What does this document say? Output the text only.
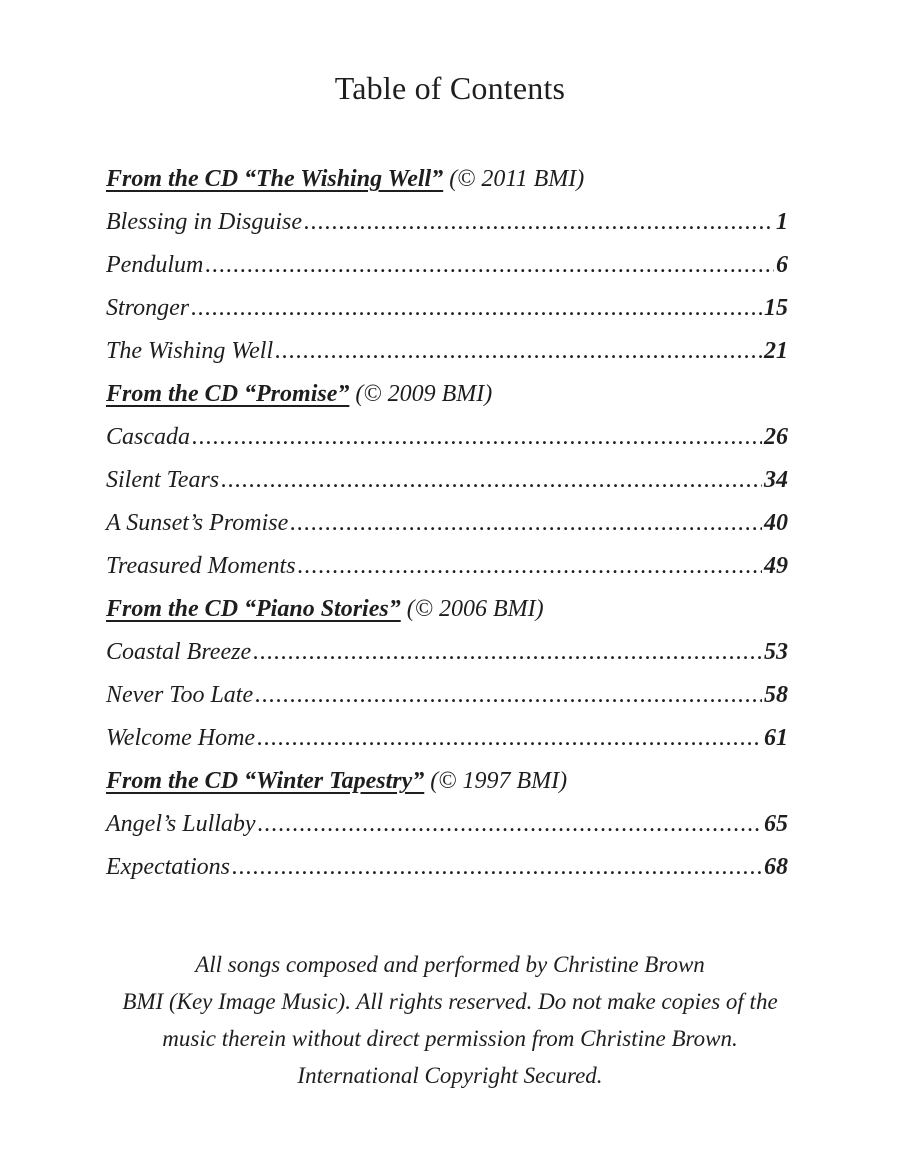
Table of Contents
From the CD “The Wishing Well” (© 2011 BMI)
Blessing in Disguise .....	1
Pendulum .....	6
Stronger .....	15
The Wishing Well .....	21
From the CD “Promise” (© 2009 BMI)
Cascada .....	26
Silent Tears .....	34
A Sunset’s Promise .....	40
Treasured Moments .....	49
From the CD “Piano Stories” (© 2006 BMI)
Coastal Breeze .....	53
Never Too Late .....	58
Welcome Home .....	61
From the CD “Winter Tapestry” (© 1997 BMI)
Angel’s Lullaby .....	65
Expectations .....	68
All songs composed and performed by Christine Brown
BMI (Key Image Music). All rights reserved. Do not make copies of the
music therein without direct permission from Christine Brown.
International Copyright Secured.
